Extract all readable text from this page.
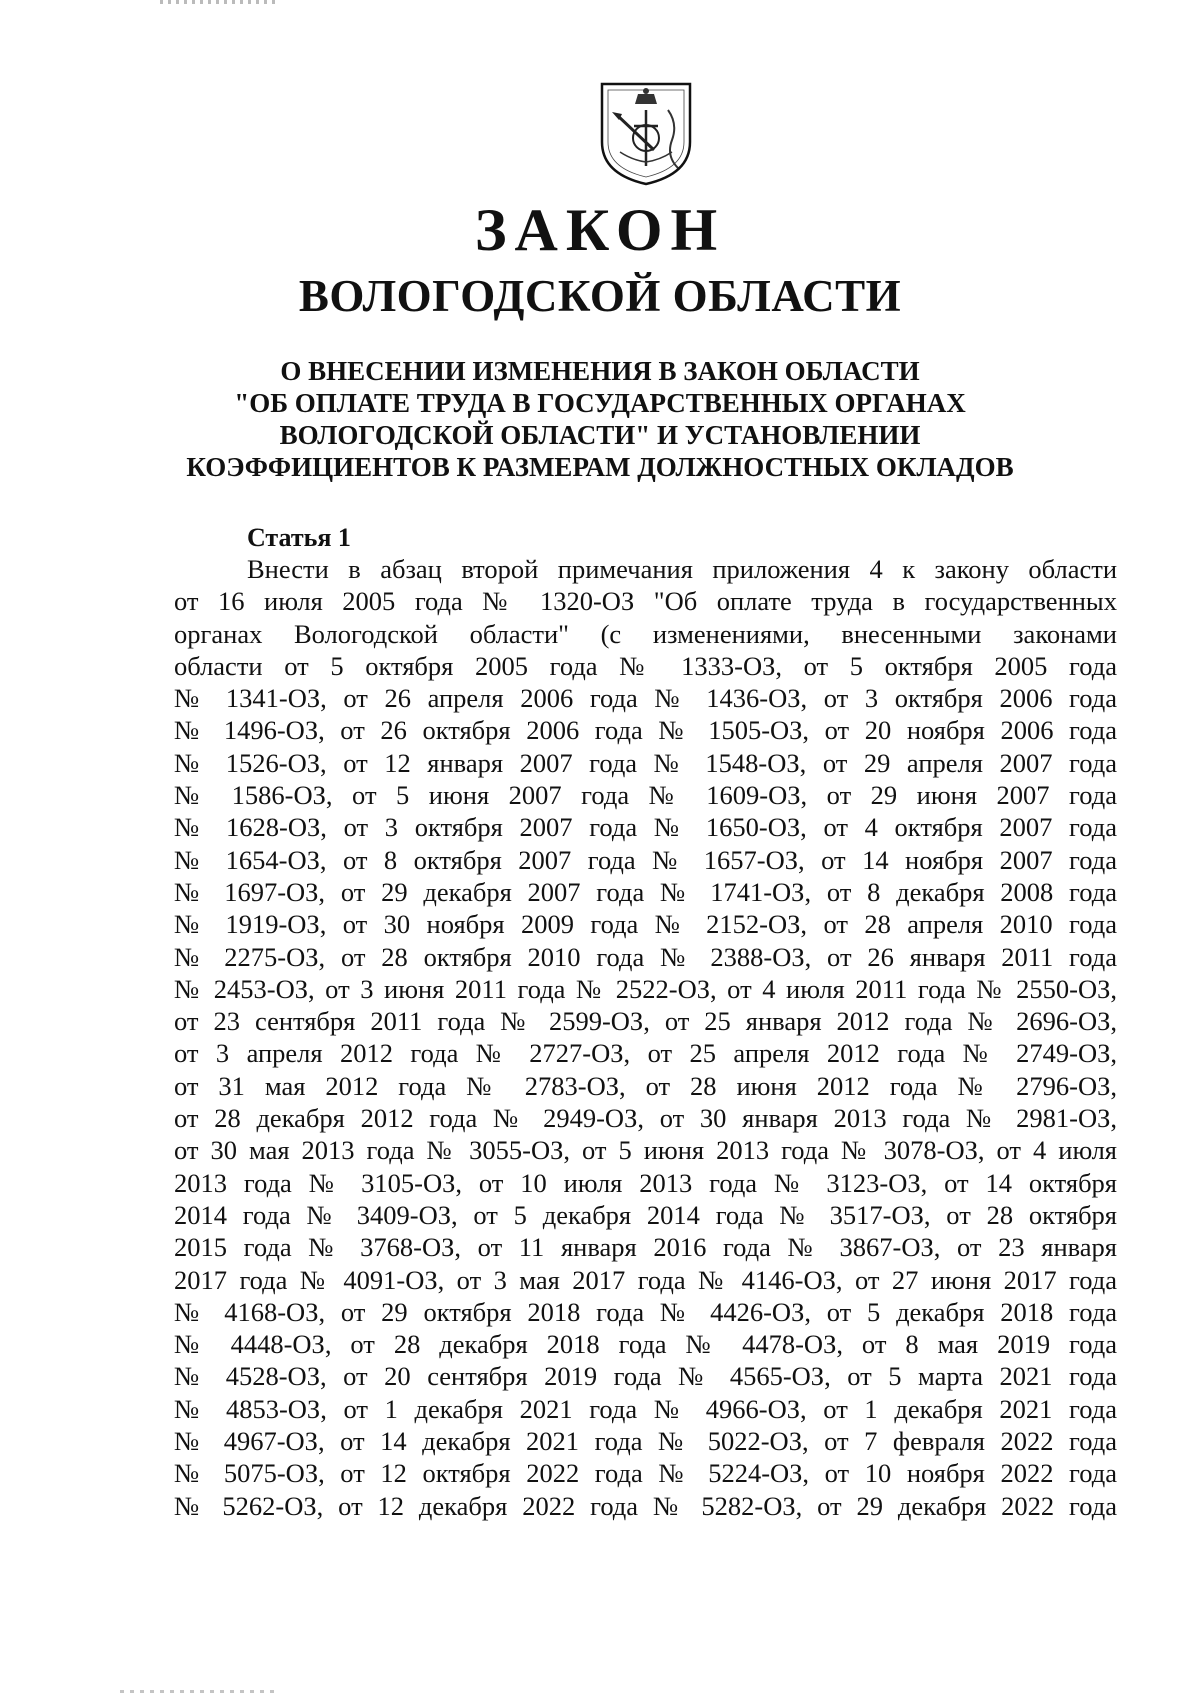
ЗАКОН
ВОЛОГОДСКОЙ ОБЛАСТИ
О ВНЕСЕНИИ ИЗМЕНЕНИЯ В ЗАКОН ОБЛАСТИ
"ОБ ОПЛАТЕ ТРУДА В ГОСУДАРСТВЕННЫХ ОРГАНАХ
ВОЛОГОДСКОЙ ОБЛАСТИ" И УСТАНОВЛЕНИИ
КОЭФФИЦИЕНТОВ К РАЗМЕРАМ ДОЛЖНОСТНЫХ ОКЛАДОВ
Статья 1
Внести в абзац второй примечания приложения 4 к закону области
от 16 июля 2005 года № 1320-ОЗ "Об оплате труда в государственных
органах Вологодской области" (с изменениями, внесенными законами
области от 5 октября 2005 года № 1333-ОЗ, от 5 октября 2005 года
№ 1341-ОЗ, от 26 апреля 2006 года № 1436-ОЗ, от 3 октября 2006 года
№ 1496-ОЗ, от 26 октября 2006 года № 1505-ОЗ, от 20 ноября 2006 года
№ 1526-ОЗ, от 12 января 2007 года № 1548-ОЗ, от 29 апреля 2007 года
№ 1586-ОЗ, от 5 июня 2007 года № 1609-ОЗ, от 29 июня 2007 года
№ 1628-ОЗ, от 3 октября 2007 года № 1650-ОЗ, от 4 октября 2007 года
№ 1654-ОЗ, от 8 октября 2007 года № 1657-ОЗ, от 14 ноября 2007 года
№ 1697-ОЗ, от 29 декабря 2007 года № 1741-ОЗ, от 8 декабря 2008 года
№ 1919-ОЗ, от 30 ноября 2009 года № 2152-ОЗ, от 28 апреля 2010 года
№ 2275-ОЗ, от 28 октября 2010 года № 2388-ОЗ, от 26 января 2011 года
№ 2453-ОЗ, от 3 июня 2011 года № 2522-ОЗ, от 4 июля 2011 года № 2550-ОЗ,
от 23 сентября 2011 года № 2599-ОЗ, от 25 января 2012 года № 2696-ОЗ,
от 3 апреля 2012 года № 2727-ОЗ, от 25 апреля 2012 года № 2749-ОЗ,
от 31 мая 2012 года № 2783-ОЗ, от 28 июня 2012 года № 2796-ОЗ,
от 28 декабря 2012 года № 2949-ОЗ, от 30 января 2013 года № 2981-ОЗ,
от 30 мая 2013 года № 3055-ОЗ, от 5 июня 2013 года № 3078-ОЗ, от 4 июля
2013 года № 3105-ОЗ, от 10 июля 2013 года № 3123-ОЗ, от 14 октября
2014 года № 3409-ОЗ, от 5 декабря 2014 года № 3517-ОЗ, от 28 октября
2015 года № 3768-ОЗ, от 11 января 2016 года № 3867-ОЗ, от 23 января
2017 года № 4091-ОЗ, от 3 мая 2017 года № 4146-ОЗ, от 27 июня 2017 года
№ 4168-ОЗ, от 29 октября 2018 года № 4426-ОЗ, от 5 декабря 2018 года
№ 4448-ОЗ, от 28 декабря 2018 года № 4478-ОЗ, от 8 мая 2019 года
№ 4528-ОЗ, от 20 сентября 2019 года № 4565-ОЗ, от 5 марта 2021 года
№ 4853-ОЗ, от 1 декабря 2021 года № 4966-ОЗ, от 1 декабря 2021 года
№ 4967-ОЗ, от 14 декабря 2021 года № 5022-ОЗ, от 7 февраля 2022 года
№ 5075-ОЗ, от 12 октября 2022 года № 5224-ОЗ, от 10 ноября 2022 года
№ 5262-ОЗ, от 12 декабря 2022 года № 5282-ОЗ, от 29 декабря 2022 года
